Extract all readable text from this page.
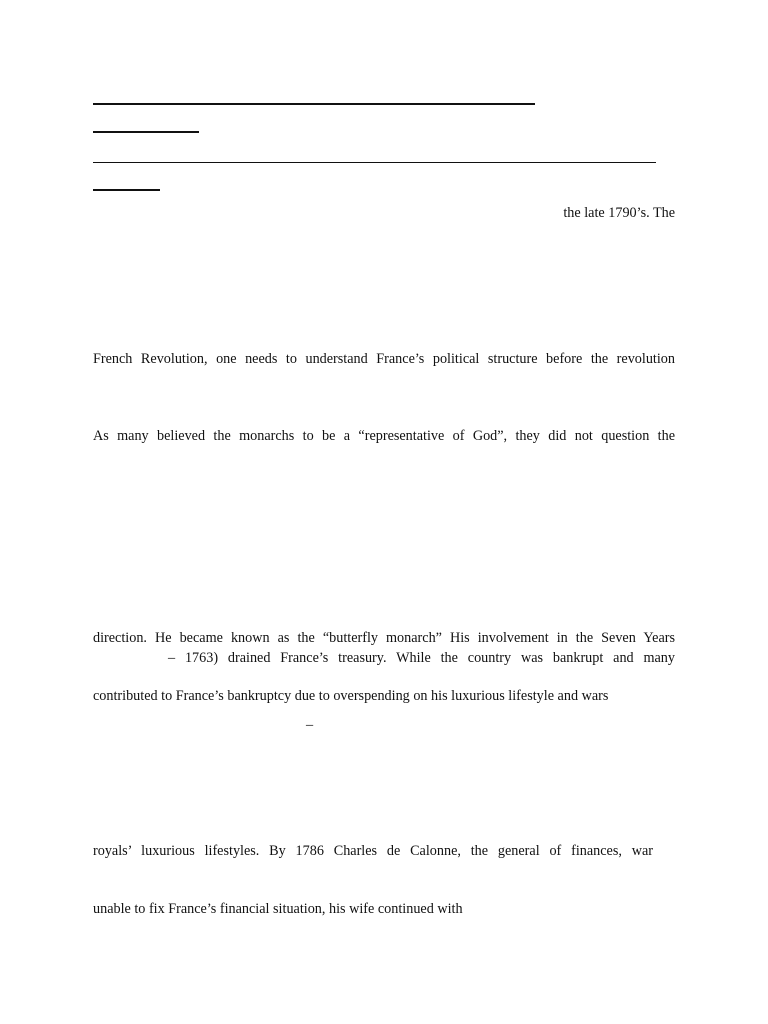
the late 1790’s. The
French Revolution, one needs to understand France’s political structure before the revolution
As many believed the monarchs to be a “representative of God”, they did not question the
direction. He became known as the “butterfly monarch” His involvement in the Seven Years
– 1763) drained France’s treasury. While the country was bankrupt and many
contributed to France’s bankruptcy due to overspending on his luxurious lifestyle and wars
–
royals’ luxurious lifestyles. By 1786 Charles de Calonne, the general of finances, war
unable to fix France’s financial situation, his wife continued with
